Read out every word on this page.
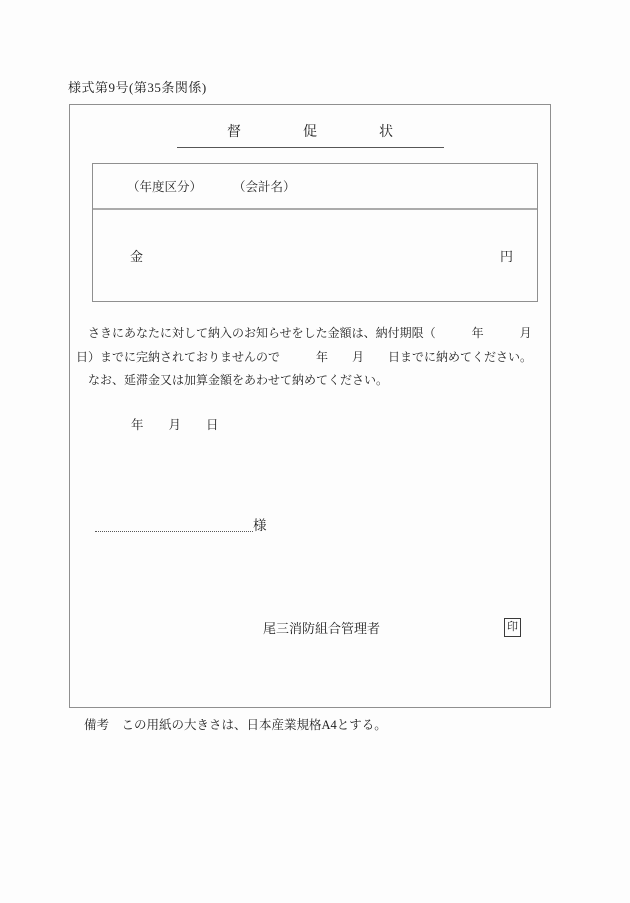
様式第9号(第35条関係)
督	促	状
（年度区分） （会計名）
金	円
　さきにあなたに対して納入のお知らせをした金額は、納付期限（　　　年　　　月
日）までに完納されておりませんので　　　年　　月　　日までに納めてください。
　なお、延滞金又は加算金額をあわせて納めてください。
年　　月　　日
様
尾三消防組合管理者	印
備考　この用紙の大きさは、日本産業規格A4とする。
